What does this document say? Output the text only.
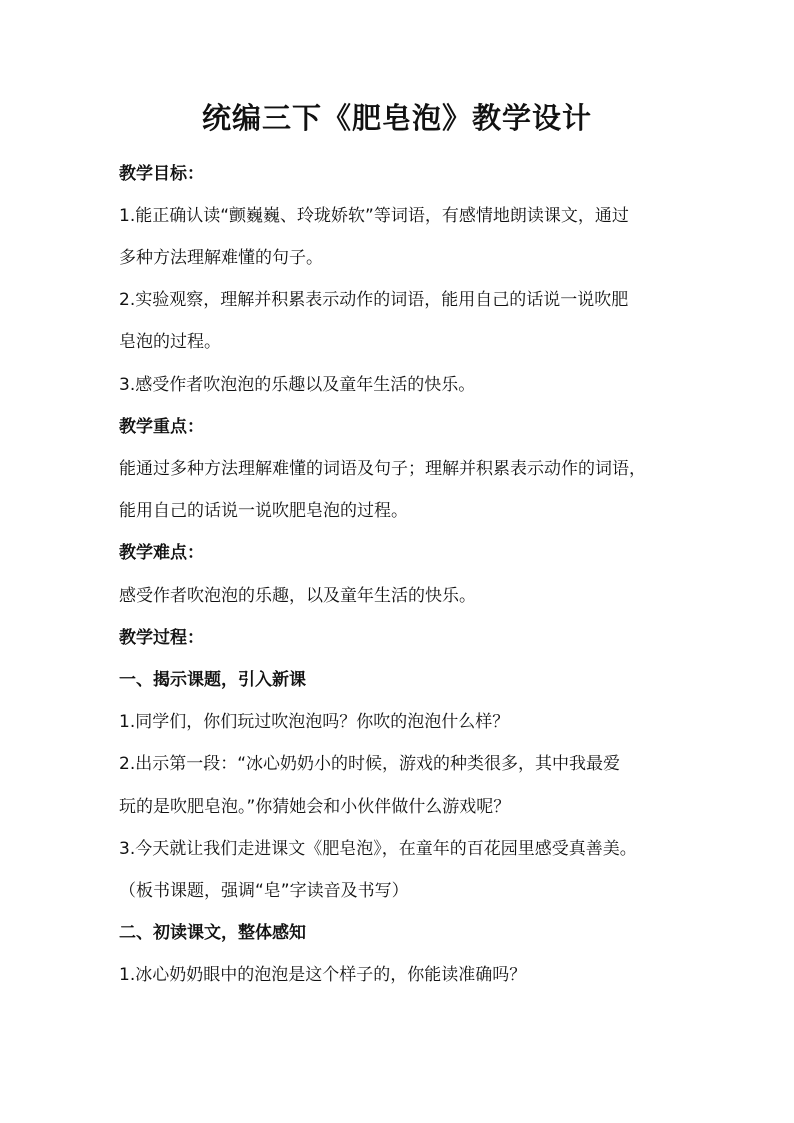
统编三下《肥皂泡》教学设计
教学目标：
1.能正确认读“颤巍巍、玲珑娇软”等词语，有感情地朗读课文，通过
多种方法理解难懂的句子。
2.实验观察，理解并积累表示动作的词语，能用自己的话说一说吹肥
皂泡的过程。
3.感受作者吹泡泡的乐趣以及童年生活的快乐。
教学重点：
能通过多种方法理解难懂的词语及句子；理解并积累表示动作的词语，
能用自己的话说一说吹肥皂泡的过程。
教学难点：
感受作者吹泡泡的乐趣，以及童年生活的快乐。
教学过程：
一、揭示课题，引入新课
1.同学们，你们玩过吹泡泡吗？你吹的泡泡什么样？
2.出示第一段：“冰心奶奶小的时候，游戏的种类很多，其中我最爱
玩的是吹肥皂泡。”你猜她会和小伙伴做什么游戏呢？
3.今天就让我们走进课文《肥皂泡》，在童年的百花园里感受真善美。
（板书课题，强调“皂”字读音及书写）
二、初读课文，整体感知
1.冰心奶奶眼中的泡泡是这个样子的，你能读准确吗？
